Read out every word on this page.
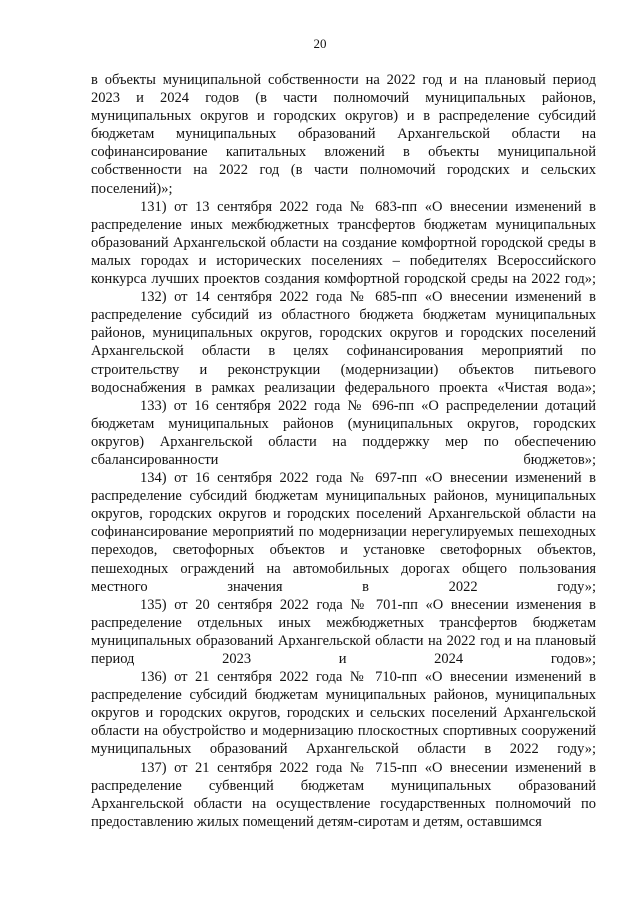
20

в объекты муниципальной собственности на 2022 год и на плановый период 2023 и 2024 годов (в части полномочий муниципальных районов, муниципальных округов и городских округов) и в распределение субсидий бюджетам муниципальных образований Архангельской области на софинансирование капитальных вложений в объекты муниципальной собственности на 2022 год (в части полномочий городских и сельских поселений)»;

131) от 13 сентября 2022 года № 683-пп «О внесении изменений в распределение иных межбюджетных трансфертов бюджетам муниципальных образований Архангельской области на создание комфортной городской среды в малых городах и исторических поселениях – победителях Всероссийского конкурса лучших проектов создания комфортной городской среды на 2022 год»;

132) от 14 сентября 2022 года № 685-пп «О внесении изменений в распределение субсидий из областного бюджета бюджетам муниципальных районов, муниципальных округов, городских округов и городских поселений Архангельской области в целях софинансирования мероприятий по строительству и реконструкции (модернизации) объектов питьевого водоснабжения в рамках реализации федерального проекта «Чистая вода»;

133) от 16 сентября 2022 года № 696-пп «О распределении дотаций бюджетам муниципальных районов (муниципальных округов, городских округов) Архангельской области на поддержку мер по обеспечению сбалансированности бюджетов»;

134) от 16 сентября 2022 года № 697-пп «О внесении изменений в распределение субсидий бюджетам муниципальных районов, муниципальных округов, городских округов и городских поселений Архангельской области на софинансирование мероприятий по модернизации нерегулируемых пешеходных переходов, светофорных объектов и установке светофорных объектов, пешеходных ограждений на автомобильных дорогах общего пользования местного значения в 2022 году»;

135) от 20 сентября 2022 года № 701-пп «О внесении изменения в распределение отдельных иных межбюджетных трансфертов бюджетам муниципальных образований Архангельской области на 2022 год и на плановый период 2023 и 2024 годов»;

136) от 21 сентября 2022 года № 710-пп «О внесении изменений в распределение субсидий бюджетам муниципальных районов, муниципальных округов и городских округов, городских и сельских поселений Архангельской области на обустройство и модернизацию плоскостных спортивных сооружений муниципальных образований Архангельской области в 2022 году»;

137) от 21 сентября 2022 года № 715-пп «О внесении изменений в распределение субвенций бюджетам муниципальных образований Архангельской области на осуществление государственных полномочий по предоставлению жилых помещений детям-сиротам и детям, оставшимся
